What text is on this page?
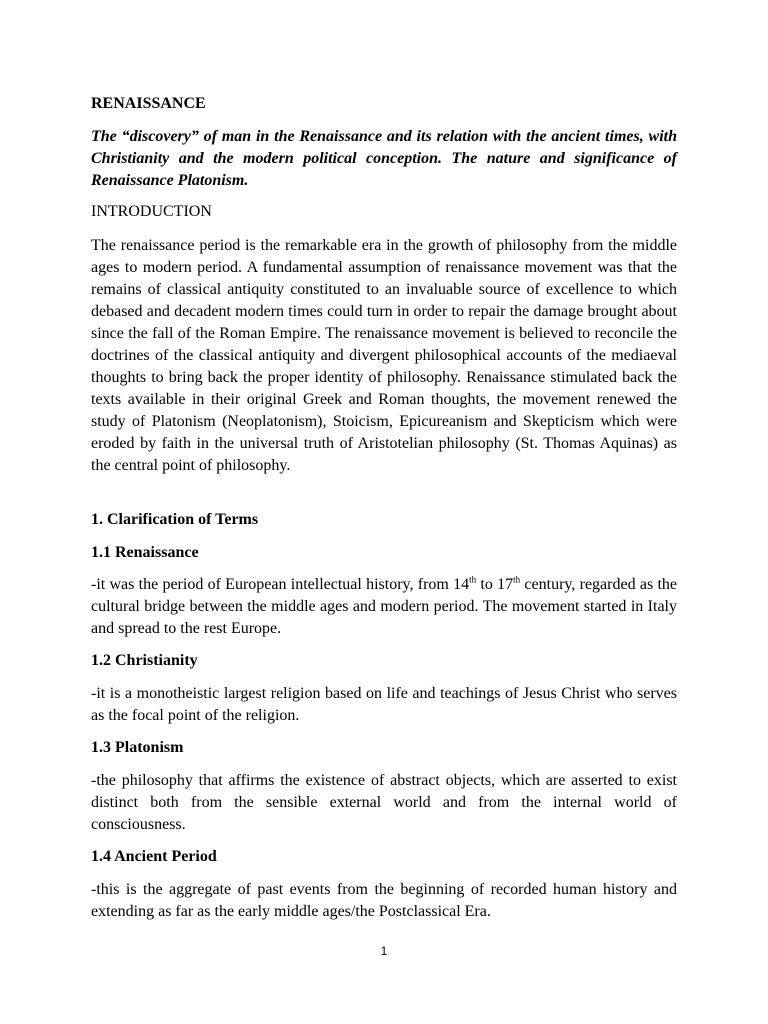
RENAISSANCE

The “discovery” of man in the Renaissance and its relation with the ancient times, with Christianity and the modern political conception. The nature and significance of Renaissance Platonism.

INTRODUCTION

The renaissance period is the remarkable era in the growth of philosophy from the middle ages to modern period. A fundamental assumption of renaissance movement was that the remains of classical antiquity constituted to an invaluable source of excellence to which debased and decadent modern times could turn in order to repair the damage brought about since the fall of the Roman Empire. The renaissance movement is believed to reconcile the doctrines of the classical antiquity and divergent philosophical accounts of the mediaeval thoughts to bring back the proper identity of philosophy. Renaissance stimulated back the texts available in their original Greek and Roman thoughts, the movement renewed the study of Platonism (Neoplatonism), Stoicism, Epicureanism and Skepticism which were eroded by faith in the universal truth of Aristotelian philosophy (St. Thomas Aquinas) as the central point of philosophy.

1. Clarification of Terms

1.1 Renaissance

-it was the period of European intellectual history, from 14th to 17th century, regarded as the cultural bridge between the middle ages and modern period. The movement started in Italy and spread to the rest Europe.

1.2 Christianity

-it is a monotheistic largest religion based on life and teachings of Jesus Christ who serves as the focal point of the religion.

1.3 Platonism

-the philosophy that affirms the existence of abstract objects, which are asserted to exist distinct both from the sensible external world and from the internal world of consciousness.

1.4 Ancient Period

-this is the aggregate of past events from the beginning of recorded human history and extending as far as the early middle ages/the Postclassical Era.

1
